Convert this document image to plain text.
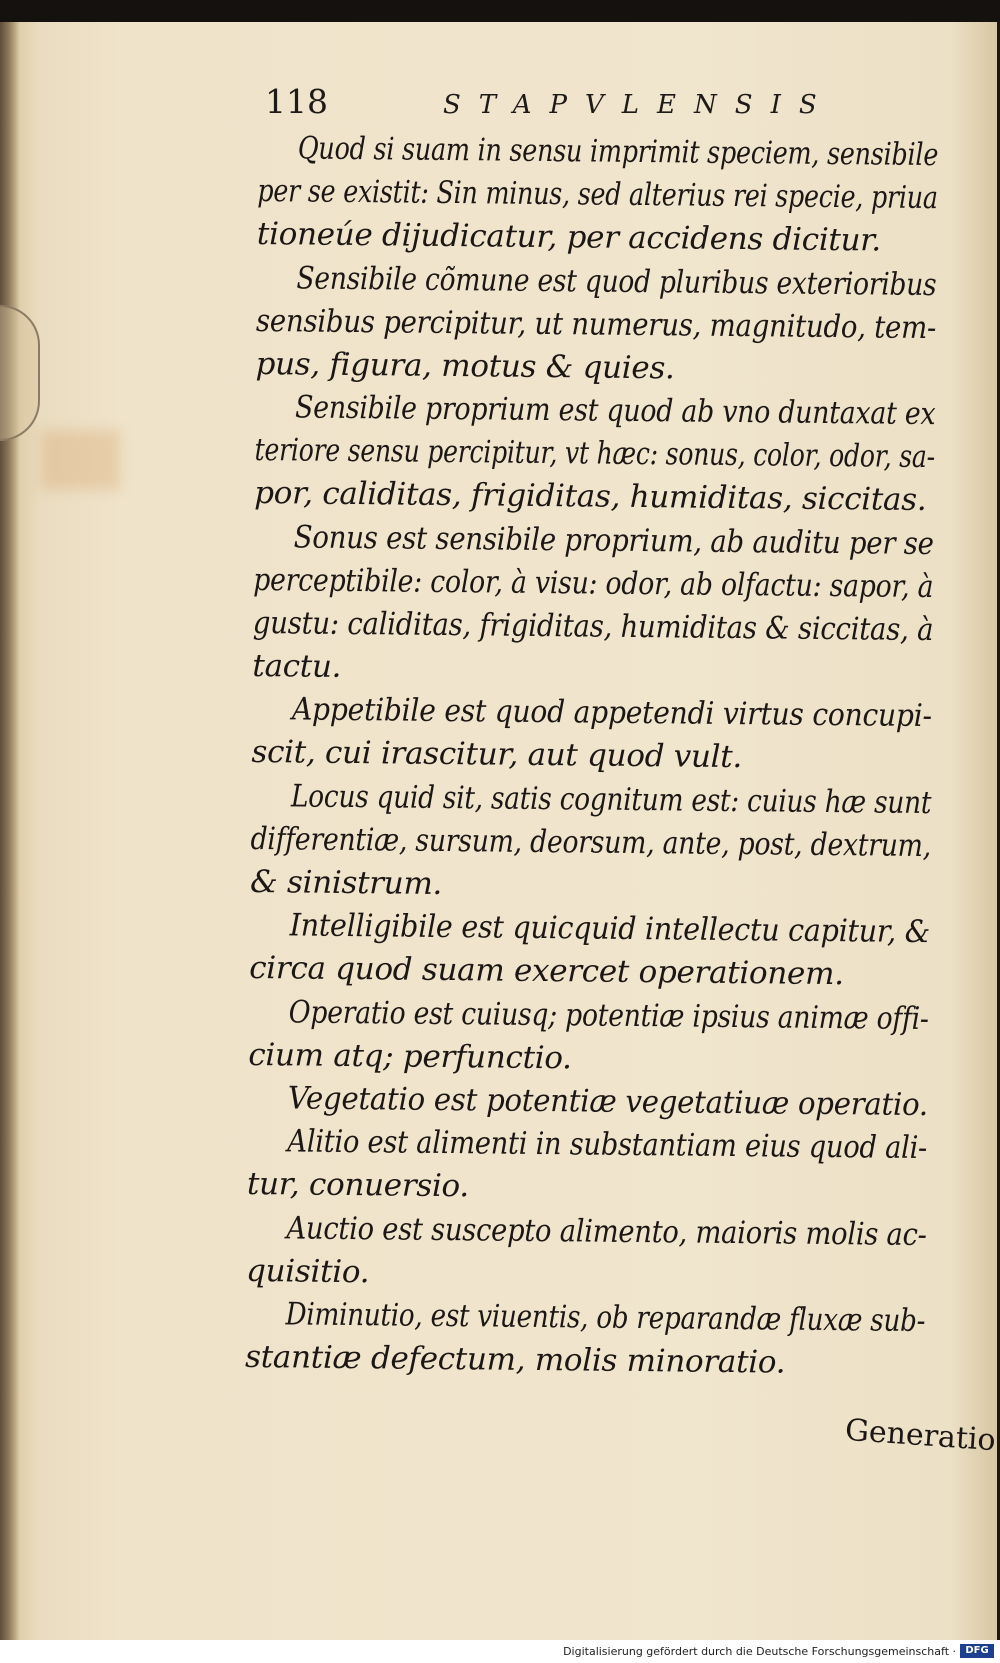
118	STAPVLENSIS
Quod si suam in sensu imprimit speciem, sensibile
per se existit: Sin minus, sed alterius rei specie, priua
tioneúe dijudicatur, per accidens dicitur.
Sensibile cõmune est quod pluribus exterioribus
sensibus percipitur, ut numerus, magnitudo, tem-
pus, figura, motus & quies.
Sensibile proprium est quod ab vno duntaxat ex
teriore sensu percipitur, vt hæc: sonus, color, odor, sa-
por, caliditas, frigiditas, humiditas, siccitas.
Sonus est sensibile proprium, ab auditu per se
perceptibile: color, à visu: odor, ab olfactu: sapor, à
gustu: caliditas, frigiditas, humiditas & siccitas, à
tactu.
Appetibile est quod appetendi virtus concupi-
scit, cui irascitur, aut quod vult.
Locus quid sit, satis cognitum est: cuius hæ sunt
differentiæ, sursum, deorsum, ante, post, dextrum,
& sinistrum.
Intelligibile est quicquid intellectu capitur, &
circa quod suam exercet operationem.
Operatio est cuiusq; potentiæ ipsius animæ offi-
cium atq; perfunctio.
Vegetatio est potentiæ vegetatiuæ operatio.
Alitio est alimenti in substantiam eius quod ali-
tur, conuersio.
Auctio est suscepto alimento, maioris molis ac-
quisitio.
Diminutio, est viuentis, ob reparandæ fluxæ sub-
stantiæ defectum, molis minoratio.
Generatio
Digitalisierung gefördert durch die Deutsche Forschungsgemeinschaft · DFG
